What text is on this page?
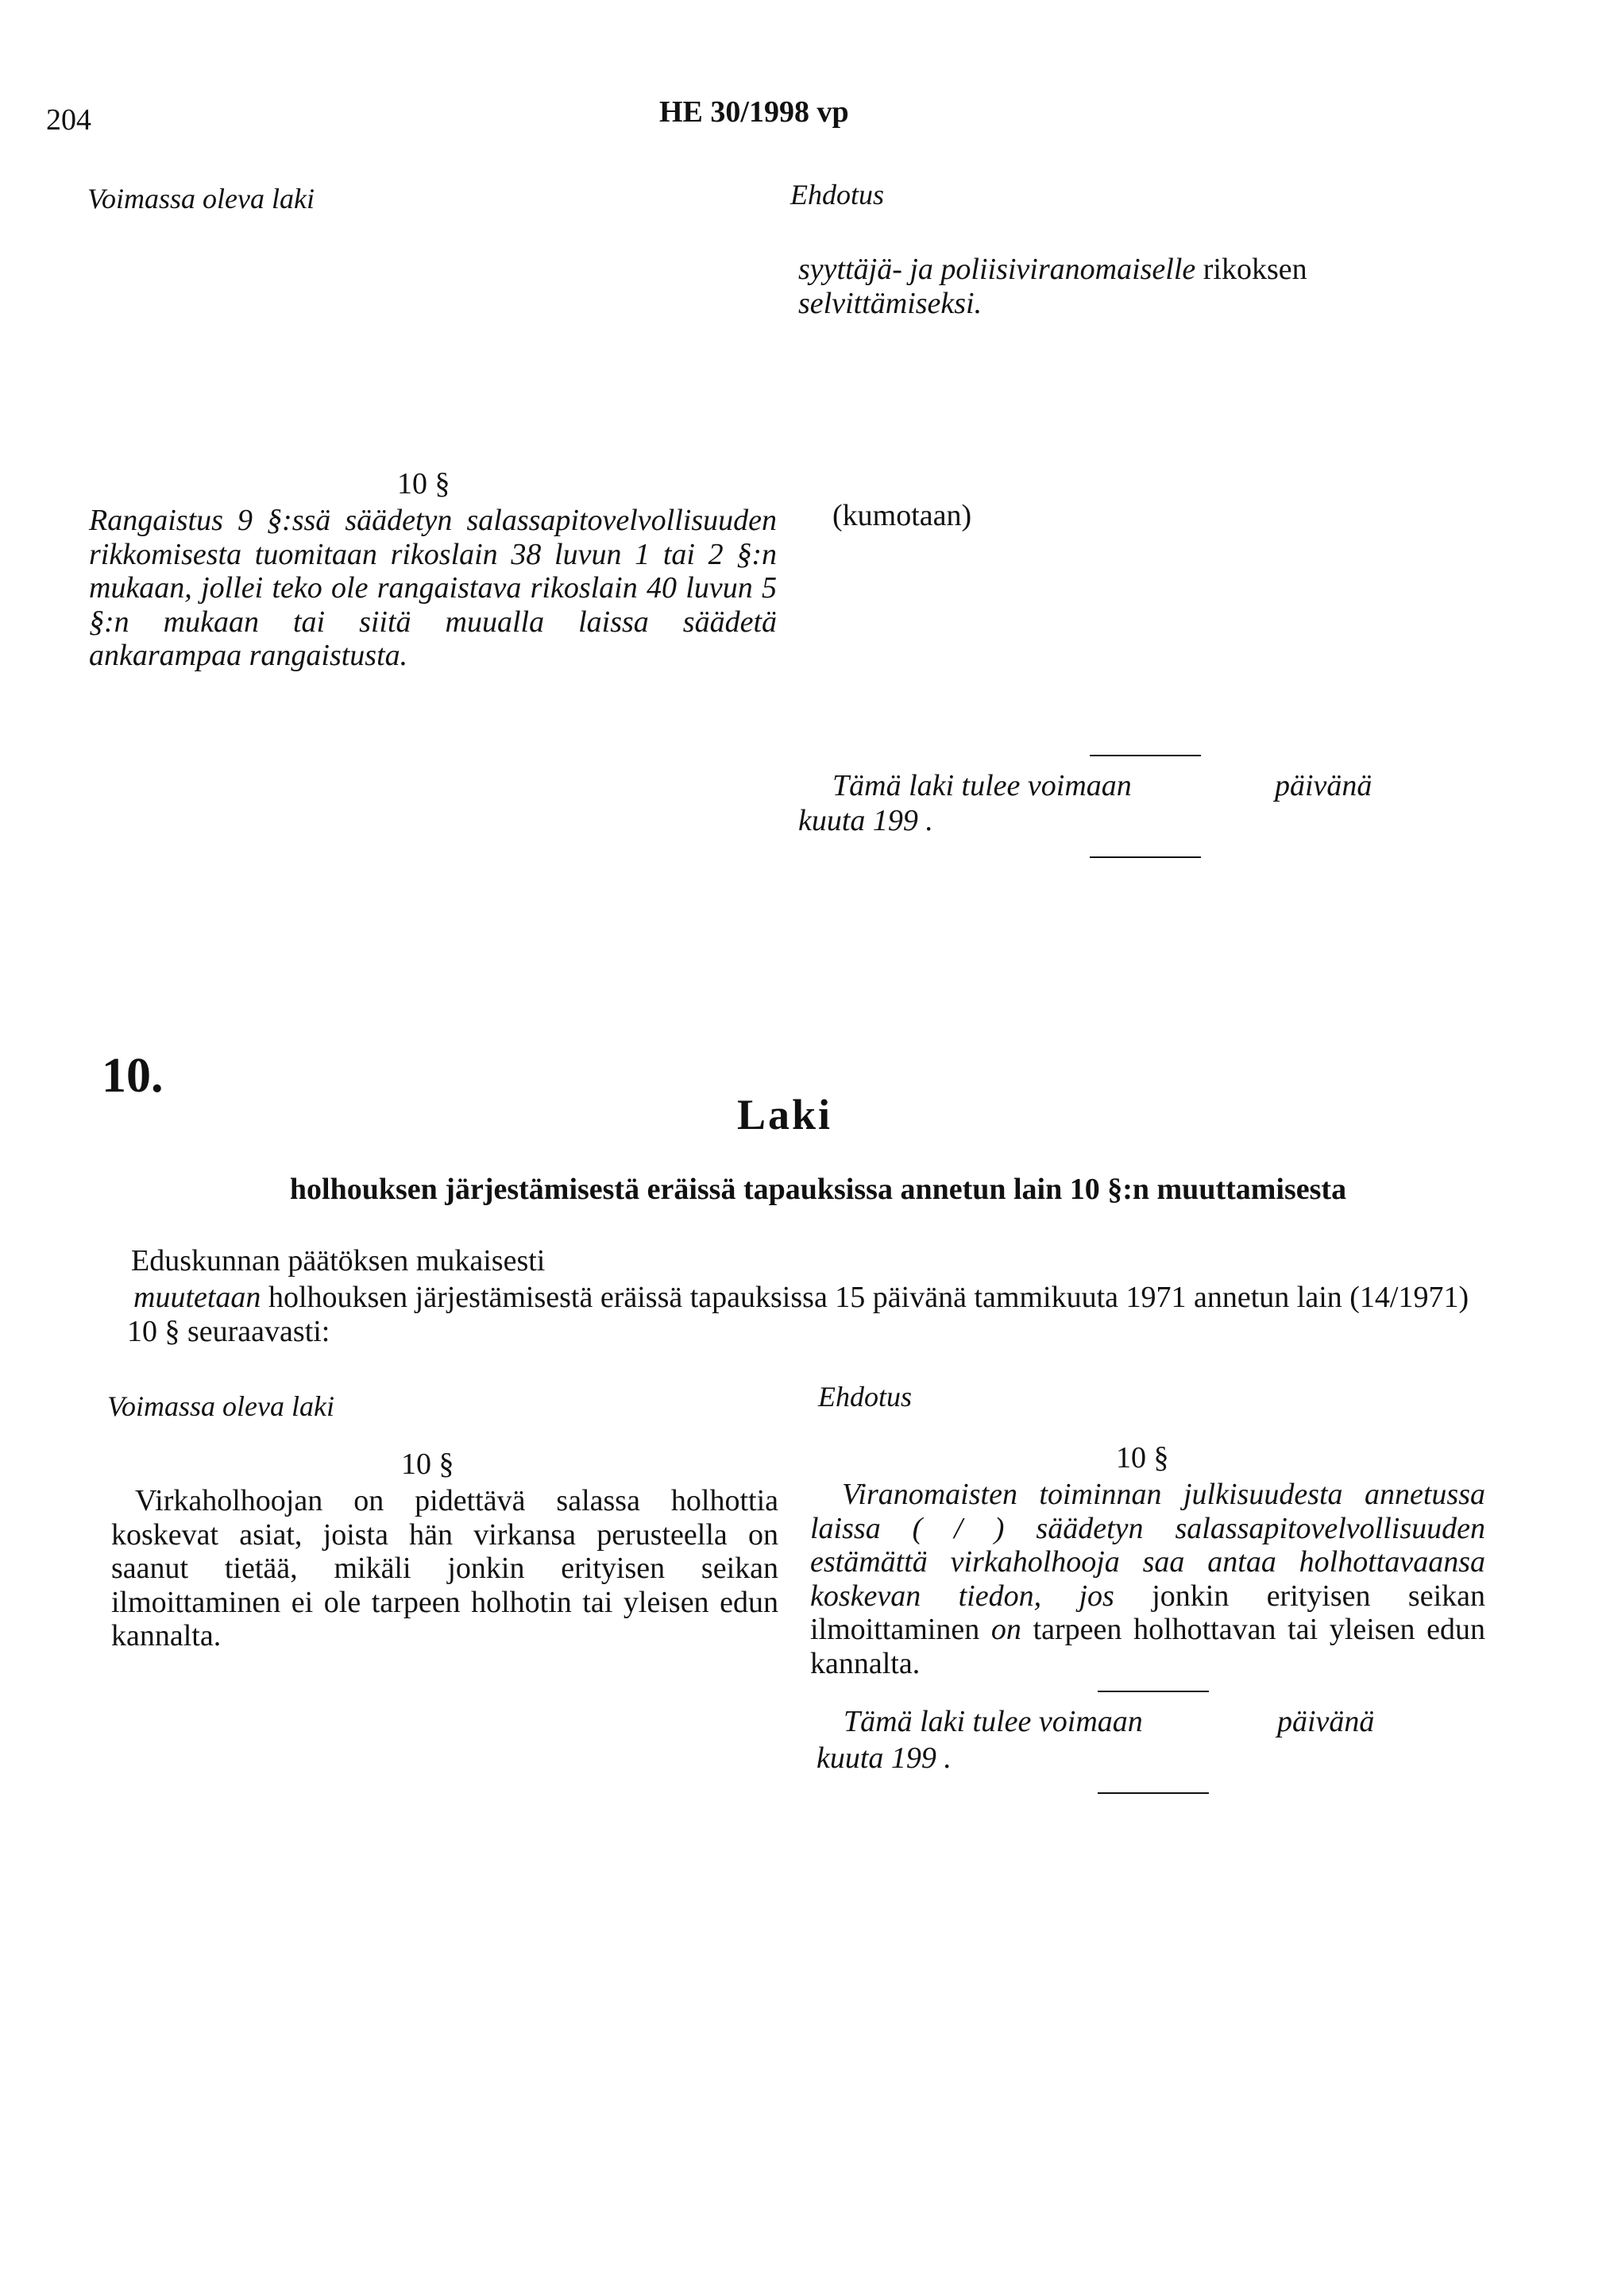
204	HE 30/1998 vp
Voimassa oleva laki	Ehdotus
syyttäjä- ja poliisiviranomaiselle rikoksen
selvittämiseksi.
10 §
Rangaistus 9 §:ssä säädetyn salassapitovelvollisuuden rikkomisesta tuomitaan rikoslain 38 luvun 1 tai 2 §:n mukaan, jollei teko ole rangaistava rikoslain 40 luvun 5 §:n mukaan tai siitä muualla laissa säädetä ankarampaa rangaistusta.
(kumotaan)
Tämä laki tulee voimaan	päivänä
kuuta 199 .
10.
Laki
holhouksen järjestämisestä eräissä tapauksissa annetun lain 10 §:n muuttamisesta
Eduskunnan päätöksen mukaisesti
muutetaan holhouksen järjestämisestä eräissä tapauksissa 15 päivänä tammikuuta 1971 annetun lain (14/1971) 10 § seuraavasti:
Voimassa oleva laki	Ehdotus
10 §
Virkaholhoojan on pidettävä salassa holhottia koskevat asiat, joista hän virkansa perusteella on saanut tietää, mikäli jonkin erityisen seikan ilmoittaminen ei ole tarpeen holhotin tai yleisen edun kannalta.
10 §
Viranomaisten toiminnan julkisuudesta annetussa laissa ( / ) säädetyn salassapitovelvollisuuden estämättä virkaholhooja saa antaa holhottavaansa koskevan tiedon, jos jonkin erityisen seikan ilmoittaminen on tarpeen holhottavan tai yleisen edun kannalta.
Tämä laki tulee voimaan	päivänä
kuuta 199 .
